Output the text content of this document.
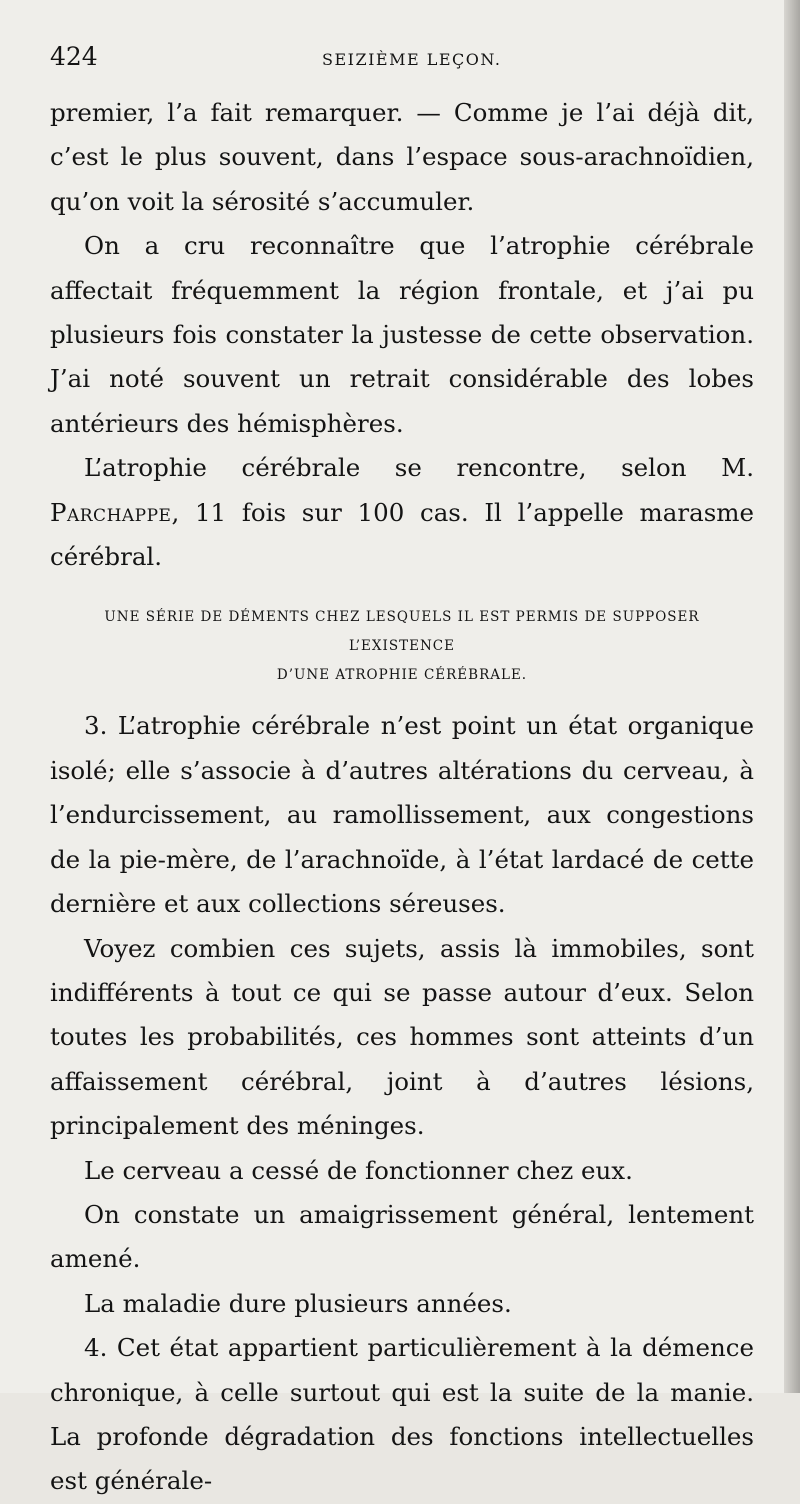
424	SEIZIÈME LEÇON.

premier, l’a fait remarquer. — Comme je l’ai déjà dit, c’est le plus souvent, dans l’espace sous-arachnoïdien, qu’on voit la sérosité s’accumuler.

On a cru reconnaître que l’atrophie cérébrale affectait fréquemment la région frontale, et j’ai pu plusieurs fois constater la justesse de cette observation. J’ai noté souvent un retrait considérable des lobes antérieurs des hémisphères.

L’atrophie cérébrale se rencontre, selon M. Parchappe, 11 fois sur 100 cas. Il l’appelle marasme cérébral.

UNE SÉRIE DE DÉMENTS CHEZ LESQUELS IL EST PERMIS DE SUPPOSER L’EXISTENCE
D’UNE ATROPHIE CÉRÉBRALE.

3. L’atrophie cérébrale n’est point un état organique isolé; elle s’associe à d’autres altérations du cerveau, à l’endurcissement, au ramollissement, aux congestions de la pie-mère, de l’arachnoïde, à l’état lardacé de cette dernière et aux collections séreuses.

Voyez combien ces sujets, assis là immobiles, sont indifférents à tout ce qui se passe autour d’eux. Selon toutes les probabilités, ces hommes sont atteints d’un affaissement cérébral, joint à d’autres lésions, principalement des méninges.

Le cerveau a cessé de fonctionner chez eux.

On constate un amaigrissement général, lentement amené.

La maladie dure plusieurs années.

4. Cet état appartient particulièrement à la démence chronique, à celle surtout qui est la suite de la manie. La profonde dégradation des fonctions intellectuelles est générale-
